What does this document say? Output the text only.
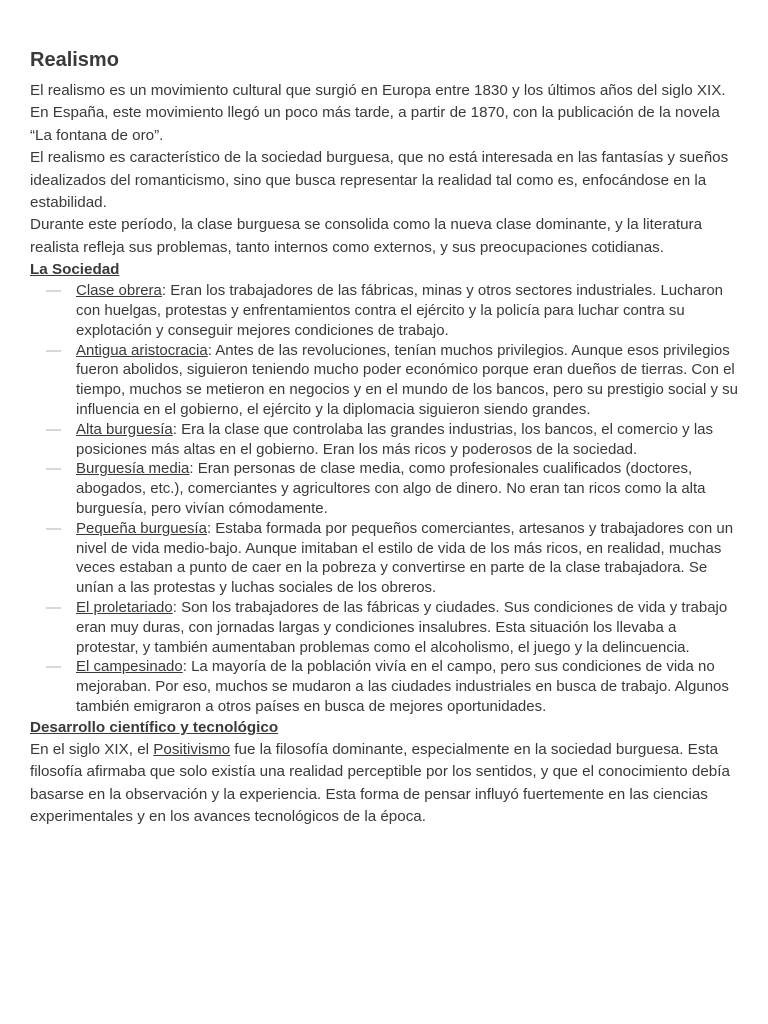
Realismo

El realismo es un movimiento cultural que surgió en Europa entre 1830 y los últimos años del siglo XIX. En España, este movimiento llegó un poco más tarde, a partir de 1870, con la publicación de la novela “La fontana de oro”.

El realismo es característico de la sociedad burguesa, que no está interesada en las fantasías y sueños idealizados del romanticismo, sino que busca representar la realidad tal como es, enfocándose en la estabilidad.

Durante este período, la clase burguesa se consolida como la nueva clase dominante, y la literatura realista refleja sus problemas, tanto internos como externos, y sus preocupaciones cotidianas.

La Sociedad
— Clase obrera: Eran los trabajadores de las fábricas, minas y otros sectores industriales. Lucharon con huelgas, protestas y enfrentamientos contra el ejército y la policía para luchar contra su explotación y conseguir mejores condiciones de trabajo.
— Antigua aristocracia: Antes de las revoluciones, tenían muchos privilegios. Aunque esos privilegios fueron abolidos, siguieron teniendo mucho poder económico porque eran dueños de tierras. Con el tiempo, muchos se metieron en negocios y en el mundo de los bancos, pero su prestigio social y su influencia en el gobierno, el ejército y la diplomacia siguieron siendo grandes.
— Alta burguesía: Era la clase que controlaba las grandes industrias, los bancos, el comercio y las posiciones más altas en el gobierno. Eran los más ricos y poderosos de la sociedad.
— Burguesía media: Eran personas de clase media, como profesionales cualificados (doctores, abogados, etc.), comerciantes y agricultores con algo de dinero. No eran tan ricos como la alta burguesía, pero vivían cómodamente.
— Pequeña burguesía: Estaba formada por pequeños comerciantes, artesanos y trabajadores con un nivel de vida medio-bajo. Aunque imitaban el estilo de vida de los más ricos, en realidad, muchas veces estaban a punto de caer en la pobreza y convertirse en parte de la clase trabajadora. Se unían a las protestas y luchas sociales de los obreros.
— El proletariado: Son los trabajadores de las fábricas y ciudades. Sus condiciones de vida y trabajo eran muy duras, con jornadas largas y condiciones insalubres. Esta situación los llevaba a protestar, y también aumentaban problemas como el alcoholismo, el juego y la delincuencia.
— El campesinado: La mayoría de la población vivía en el campo, pero sus condiciones de vida no mejoraban. Por eso, muchos se mudaron a las ciudades industriales en busca de trabajo. Algunos también emigraron a otros países en busca de mejores oportunidades.
Desarrollo científico y tecnológico

En el siglo XIX, el Positivismo fue la filosofía dominante, especialmente en la sociedad burguesa. Esta filosofía afirmaba que solo existía una realidad perceptible por los sentidos, y que el conocimiento debía basarse en la observación y la experiencia. Esta forma de pensar influyó fuertemente en las ciencias experimentales y en los avances tecnológicos de la época.
